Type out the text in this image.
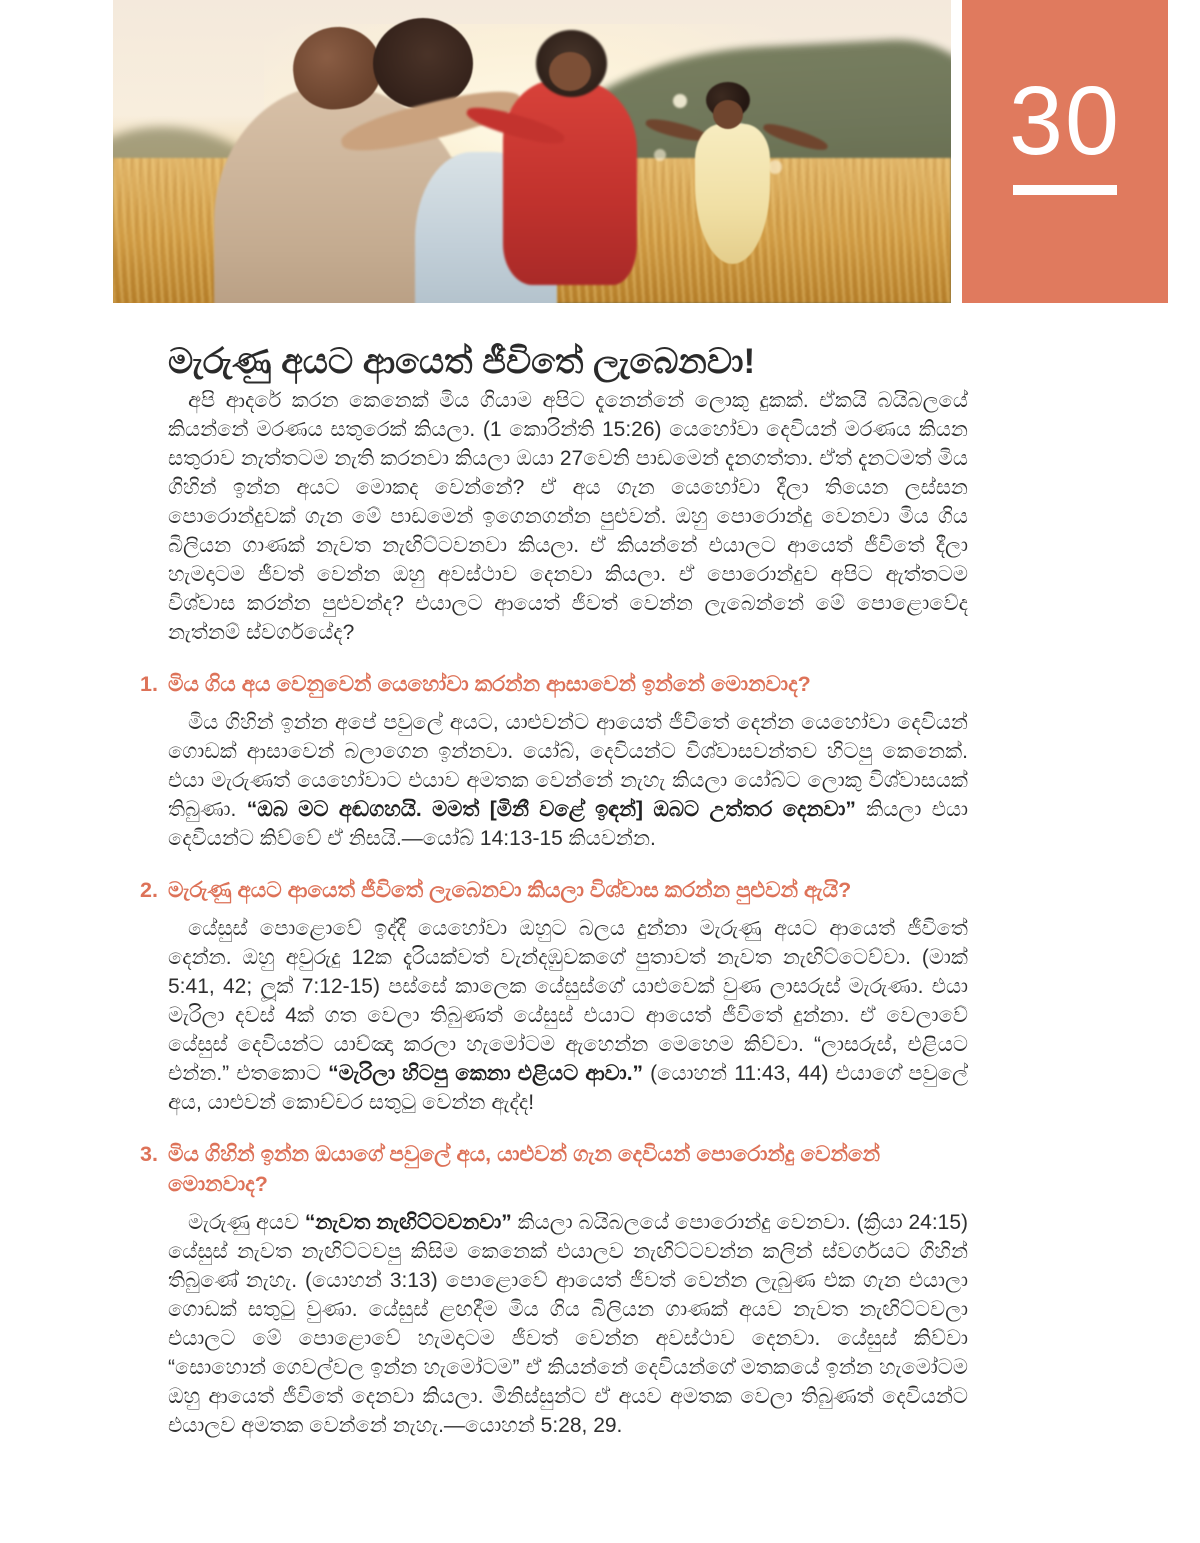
30
මැරුණු අයට ආයෙත් ජීවිතේ ලැබෙනවා!

අපි ආදරේ කරන කෙනෙක් මිය ගියාම අපිට දැනෙන්නේ ලොකු දුකක්. ඒකයි බයිබලයේ කියන්නේ මරණය සතුරෙක් කියලා. (1 කොරින්ති 15:26) යෙහෝවා දෙවියන් මරණය කියන සතුරාව නැත්තටම නැති කරනවා කියලා ඔයා 27වෙනි පාඩමෙන් දැනගත්තා. ඒත් දැනටමත් මිය ගිහින් ඉන්න අයට මොකද වෙන්නේ? ඒ අය ගැන යෙහෝවා දීලා තියෙන ලස්සන පොරොන්දුවක් ගැන මේ පාඩමෙන් ඉගෙනගන්න පුළුවන්. ඔහු පොරොන්දු වෙනවා මිය ගිය බිලියන ගාණක් නැවත නැඟිට්ටවනවා කියලා. ඒ කියන්නේ එයාලට ආයෙත් ජීවිතේ දීලා හැමදාටම ජීවත් වෙන්න ඔහු අවස්ථාව දෙනවා කියලා. ඒ පොරොන්දුව අපිට ඇත්තටම විශ්වාස කරන්න පුළුවන්ද? එයාලට ආයෙත් ජීවත් වෙන්න ලැබෙන්නේ මේ පොළොවේද නැත්නම් ස්වර්ගයේද?

1. මිය ගිය අය වෙනුවෙන් යෙහෝවා කරන්න ආසාවෙන් ඉන්නේ මොනවාද?

මිය ගිහින් ඉන්න අපේ පවුලේ අයට, යාළුවන්ට ආයෙත් ජීවිතේ දෙන්න යෙහෝවා දෙවියන් ගොඩක් ආසාවෙන් බලාගෙන ඉන්නවා. යෝබ්, දෙවියන්ට විශ්වාසවන්තව හිටපු කෙනෙක්. එයා මැරුණත් යෙහෝවාට එයාව අමතක වෙන්නේ නැහැ කියලා යෝබ්ට ලොකු විශ්වාසයක් තිබුණා. “ඔබ මට අඬගහයි. මමත් [මිනී වළේ ඉඳන්] ඔබට උත්තර දෙනවා” කියලා එයා දෙවියන්ට කිව්වේ ඒ නිසයි.—යෝබ් 14:13-15 කියවන්න.

2. මැරුණු අයට ආයෙත් ජීවිතේ ලැබෙනවා කියලා විශ්වාස කරන්න පුළුවන් ඇයි?

යේසුස් පොළොවේ ඉද්දී යෙහෝවා ඔහුට බලය දුන්නා මැරුණු අයට ආයෙත් ජීවිතේ දෙන්න. ඔහු අවුරුදු 12ක දැරියක්වත් වැන්දඹුවකගේ පුතාවත් නැවත නැඟිට්ටෙව්වා. (මාක් 5:41, 42; ලූක් 7:12-15) පස්සේ කාලෙක යේසුස්ගේ යාළුවෙක් වුණ ලාසරුස් මැරුණා. එයා මැරිලා දවස් 4ක් ගත වෙලා තිබුණත් යේසුස් එයාට ආයෙත් ජීවිතේ දුන්නා. ඒ වෙලාවේ යේසුස් දෙවියන්ට යාච්ඤා කරලා හැමෝටම ඇහෙන්න මෙහෙම කිව්වා. “ලාසරුස්, එළියට එන්න.” එතකොට “මැරිලා හිටපු කෙනා එළියට ආවා.” (යොහන් 11:43, 44) එයාගේ පවුලේ අය, යාළුවන් කොච්චර සතුටු වෙන්න ඇද්ද!

3. මිය ගිහින් ඉන්න ඔයාගේ පවුලේ අය, යාළුවන් ගැන දෙවියන් පොරොන්දු වෙන්නේ මොනවාද?

මැරුණු අයව “නැවත නැඟිට්ටවනවා” කියලා බයිබලයේ පොරොන්දු වෙනවා. (ක්‍රියා 24:15) යේසුස් නැවත නැඟිට්ටවපු කිසිම කෙනෙක් එයාලව නැඟිට්ටවන්න කලින් ස්වර්ගයට ගිහින් තිබුණේ නැහැ. (යොහන් 3:13) පොළොවේ ආයෙත් ජීවත් වෙන්න ලැබුණ එක ගැන එයාලා ගොඩක් සතුටු වුණා. යේසුස් ළඟදීම මිය ගිය බිලියන ගාණක් අයව නැවත නැඟිට්ටවලා එයාලට මේ පොළොවේ හැමදාටම ජීවත් වෙන්න අවස්ථාව දෙනවා. යේසුස් කිව්වා “සොහොන් ගෙවල්වල ඉන්න හැමෝටම” ඒ කියන්නේ දෙවියන්ගේ මතකයේ ඉන්න හැමෝටම ඔහු ආයෙත් ජීවිතේ දෙනවා කියලා. මිනිස්සුන්ට ඒ අයව අමතක වෙලා තිබුණත් දෙවියන්ට එයාලව අමතක වෙන්නේ නැහැ.—යොහන් 5:28, 29.
